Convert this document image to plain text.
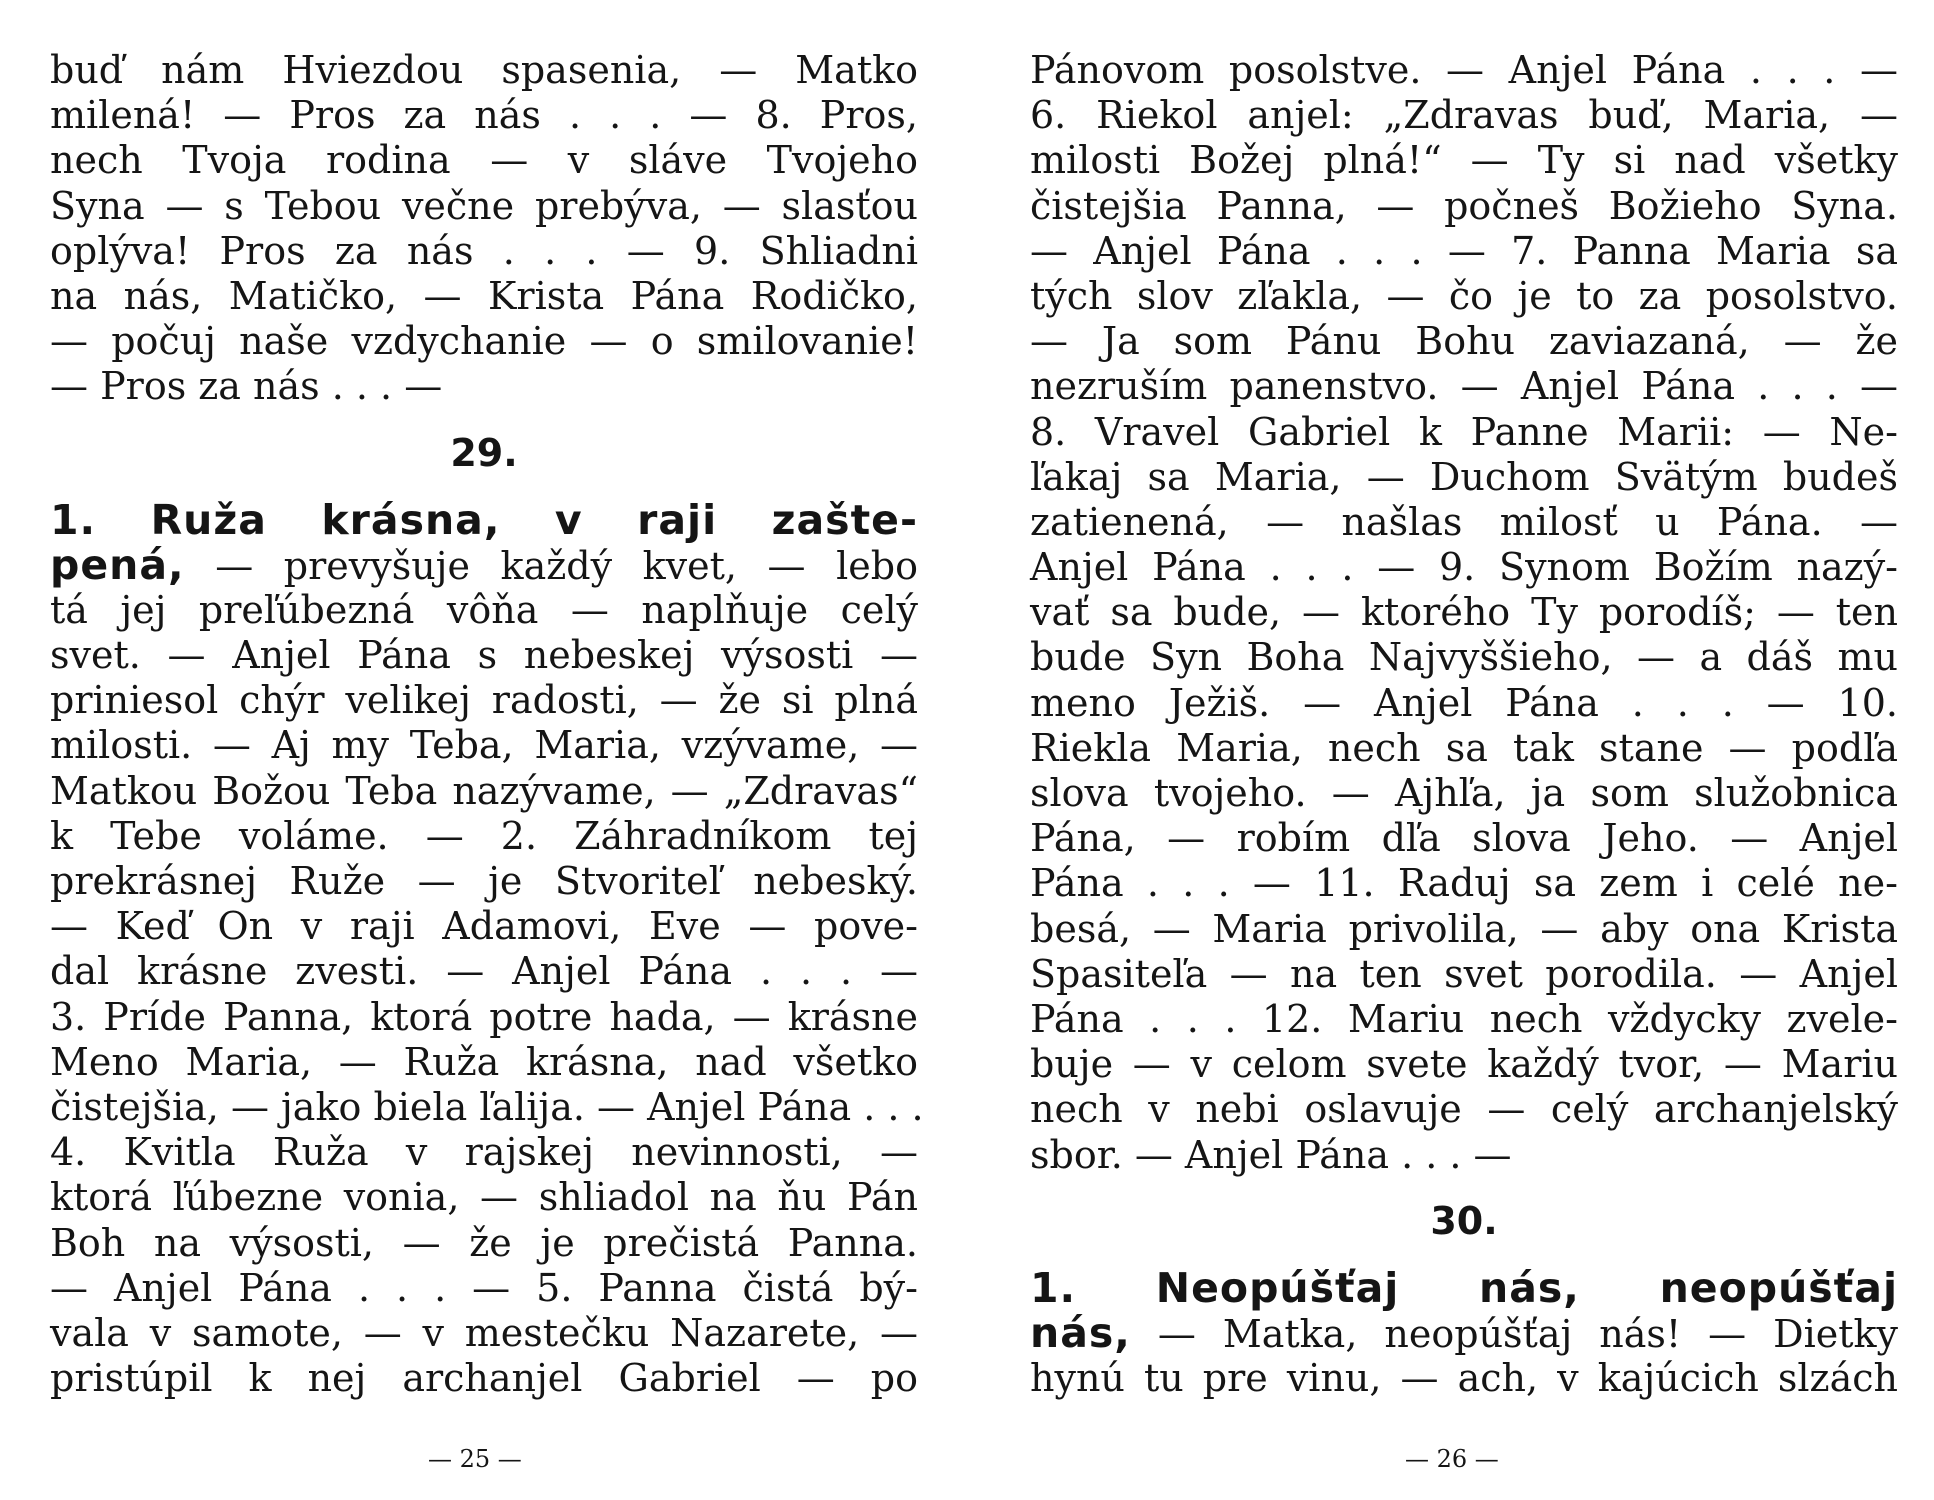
buď nám Hviezdou spasenia, — Matko
milená! — Pros za nás . . . — 8. Pros,
nech Tvoja rodina — v sláve Tvojeho
Syna — s Tebou večne prebýva, — slasťou
oplýva! Pros za nás . . . — 9. Shliadni
na nás, Matičko, — Krista Pána Rodičko,
— počuj naše vzdychanie — o smilovanie!
— Pros za nás . . . —
29.
1. Ruža krásna, v raji zašte-
pená, — prevyšuje každý kvet, — lebo
tá jej preľúbezná vôňa — naplňuje celý
svet. — Anjel Pána s nebeskej výsosti —
priniesol chýr velikej radosti, — že si plná
milosti. — Aj my Teba, Maria, vzývame, —
Matkou Božou Teba nazývame, — „Zdravas“
k Tebe voláme. — 2. Záhradníkom tej
prekrásnej Ruže — je Stvoriteľ nebeský.
— Keď On v raji Adamovi, Eve — pove-
dal krásne zvesti. — Anjel Pána . . . —
3. Príde Panna, ktorá potre hada, — krásne
Meno Maria, — Ruža krásna, nad všetko
čistejšia, — jako biela ľalija. — Anjel Pána . . .
4. Kvitla Ruža v rajskej nevinnosti, —
ktorá ľúbezne vonia, — shliadol na ňu Pán
Boh na výsosti, — že je prečistá Panna.
— Anjel Pána . . . — 5. Panna čistá bý-
vala v samote, — v mestečku Nazarete, —
pristúpil k nej archanjel Gabriel — po
— 25 —
Pánovom posolstve. — Anjel Pána . . . —
6. Riekol anjel: „Zdravas buď, Maria, —
milosti Božej plná!“ — Ty si nad všetky
čistejšia Panna, — počneš Božieho Syna.
— Anjel Pána . . . — 7. Panna Maria sa
tých slov zľakla, — čo je to za posolstvo.
— Ja som Pánu Bohu zaviazaná, — že
nezruším panenstvo. — Anjel Pána . . . —
8. Vravel Gabriel k Panne Marii: — Ne-
ľakaj sa Maria, — Duchom Svätým budeš
zatienená, — našlas milosť u Pána. —
Anjel Pána . . . — 9. Synom Božím nazý-
vať sa bude, — ktorého Ty porodíš; — ten
bude Syn Boha Najvyššieho, — a dáš mu
meno Ježiš. — Anjel Pána . . . — 10.
Riekla Maria, nech sa tak stane — podľa
slova tvojeho. — Ajhľa, ja som služobnica
Pána, — robím dľa slova Jeho. — Anjel
Pána . . . — 11. Raduj sa zem i celé ne-
besá, — Maria privolila, — aby ona Krista
Spasiteľa — na ten svet porodila. — Anjel
Pána . . . 12. Mariu nech vždycky zvele-
buje — v celom svete každý tvor, — Mariu
nech v nebi oslavuje — celý archanjelský
sbor. — Anjel Pána . . . —
30.
1. Neopúšťaj nás, neopúšťaj
nás, — Matka, neopúšťaj nás! — Dietky
hynú tu pre vinu, — ach, v kajúcich slzách
— 26 —
